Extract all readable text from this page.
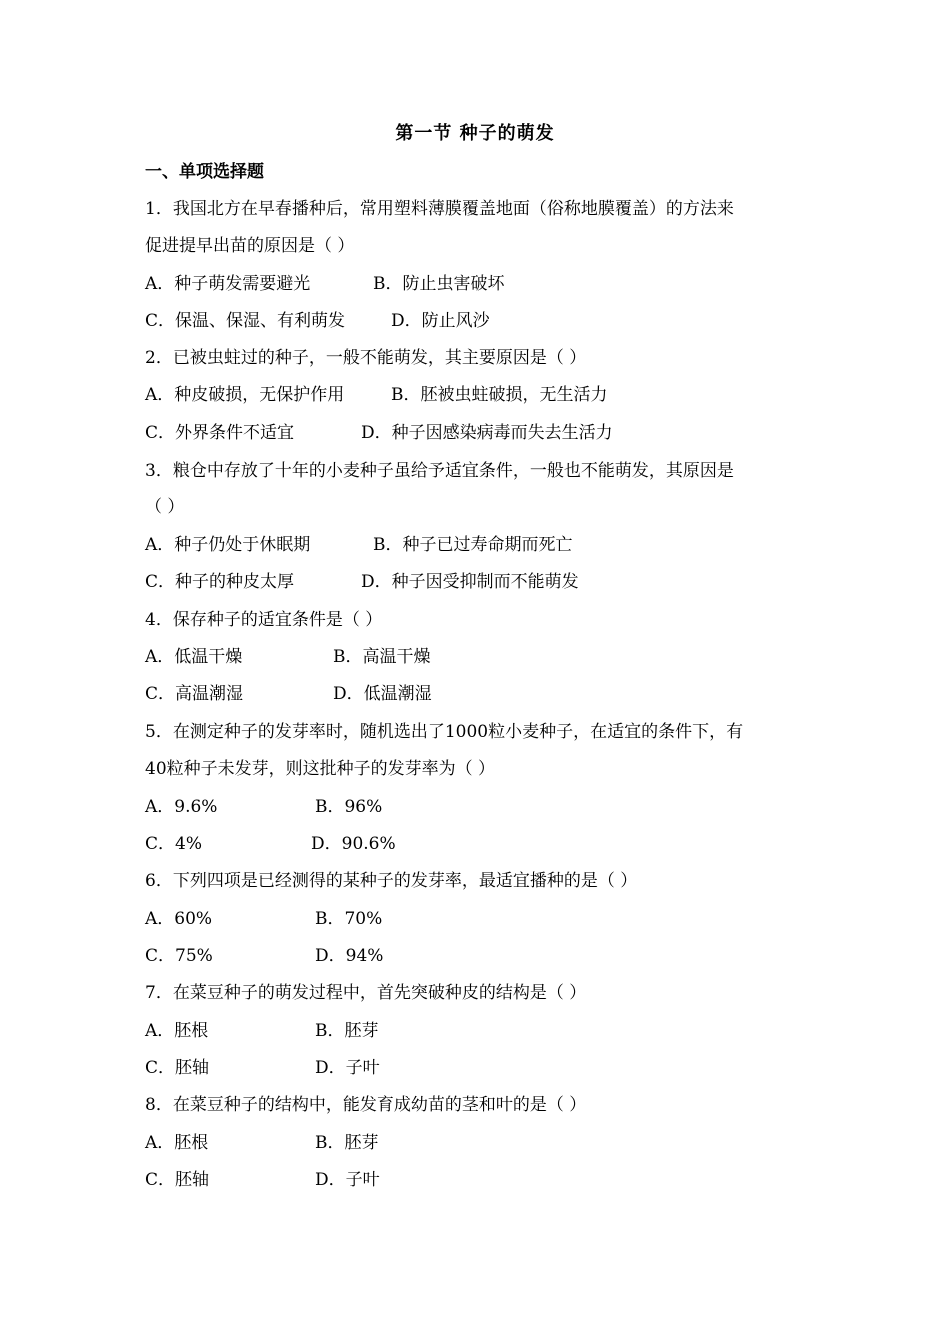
第一节 种子的萌发
一、单项选择题
1．我国北方在早春播种后，常用塑料薄膜覆盖地面（俗称地膜覆盖）的方法来
促进提早出苗的原因是（ ）
A．种子萌发需要避光	B．防止虫害破坏
C．保温、保湿、有利萌发	D．防止风沙
2．已被虫蛀过的种子，一般不能萌发，其主要原因是（ ）
A．种皮破损，无保护作用	B．胚被虫蛀破损，无生活力
C．外界条件不适宜	D．种子因感染病毒而失去生活力
3．粮仓中存放了十年的小麦种子虽给予适宜条件，一般也不能萌发，其原因是
（ ）
A．种子仍处于休眠期	B．种子已过寿命期而死亡
C．种子的种皮太厚	D．种子因受抑制而不能萌发
4．保存种子的适宜条件是（ ）
A．低温干燥	B．高温干燥
C．高温潮湿	D．低温潮湿
5．在测定种子的发芽率时，随机选出了1000粒小麦种子，在适宜的条件下，有
40粒种子未发芽，则这批种子的发芽率为（ ）
A．9.6%	B．96%
C．4%	D．90.6%
6．下列四项是已经测得的某种子的发芽率，最适宜播种的是（ ）
A．60%	B．70%
C．75%	D．94%
7．在菜豆种子的萌发过程中，首先突破种皮的结构是（ ）
A．胚根	B．胚芽
C．胚轴	D．子叶
8．在菜豆种子的结构中，能发育成幼苗的茎和叶的是（ ）
A．胚根	B．胚芽
C．胚轴	D．子叶
